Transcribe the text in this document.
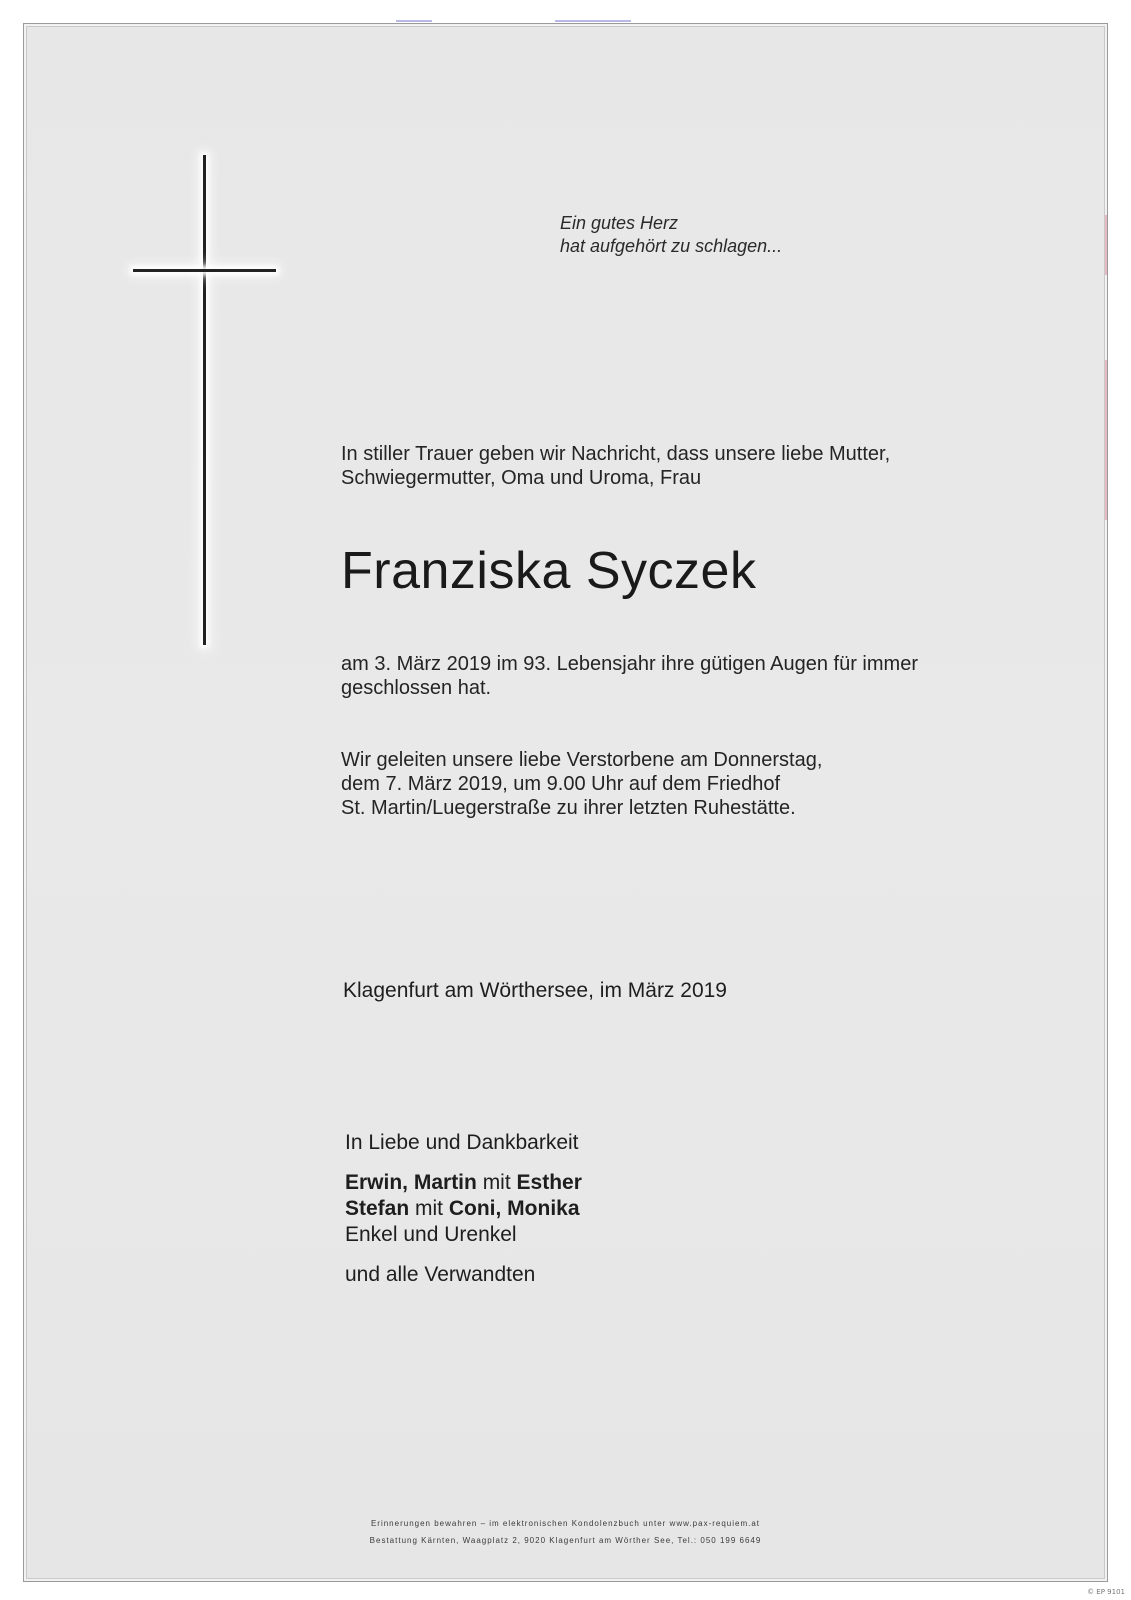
Ein gutes Herz
hat aufgehört zu schlagen...
In stiller Trauer geben wir Nachricht, dass unsere liebe Mutter,
Schwiegermutter, Oma und Uroma, Frau
Franziska Syczek
am 3. März 2019 im 93. Lebensjahr ihre gütigen Augen für immer
geschlossen hat.
Wir geleiten unsere liebe Verstorbene am Donnerstag,
dem 7. März 2019, um 9.00 Uhr auf dem Friedhof
St. Martin/Luegerstraße zu ihrer letzten Ruhestätte.
Klagenfurt am Wörthersee, im März 2019
In Liebe und Dankbarkeit
Erwin, Martin mit Esther
Stefan mit Coni, Monika
Enkel und Urenkel
und alle Verwandten
Erinnerungen bewahren – im elektronischen Kondolenzbuch unter www.pax-requiem.at
Bestattung Kärnten, Waagplatz 2, 9020 Klagenfurt am Wörther See, Tel.: 050 199 6649
© EP 9101
